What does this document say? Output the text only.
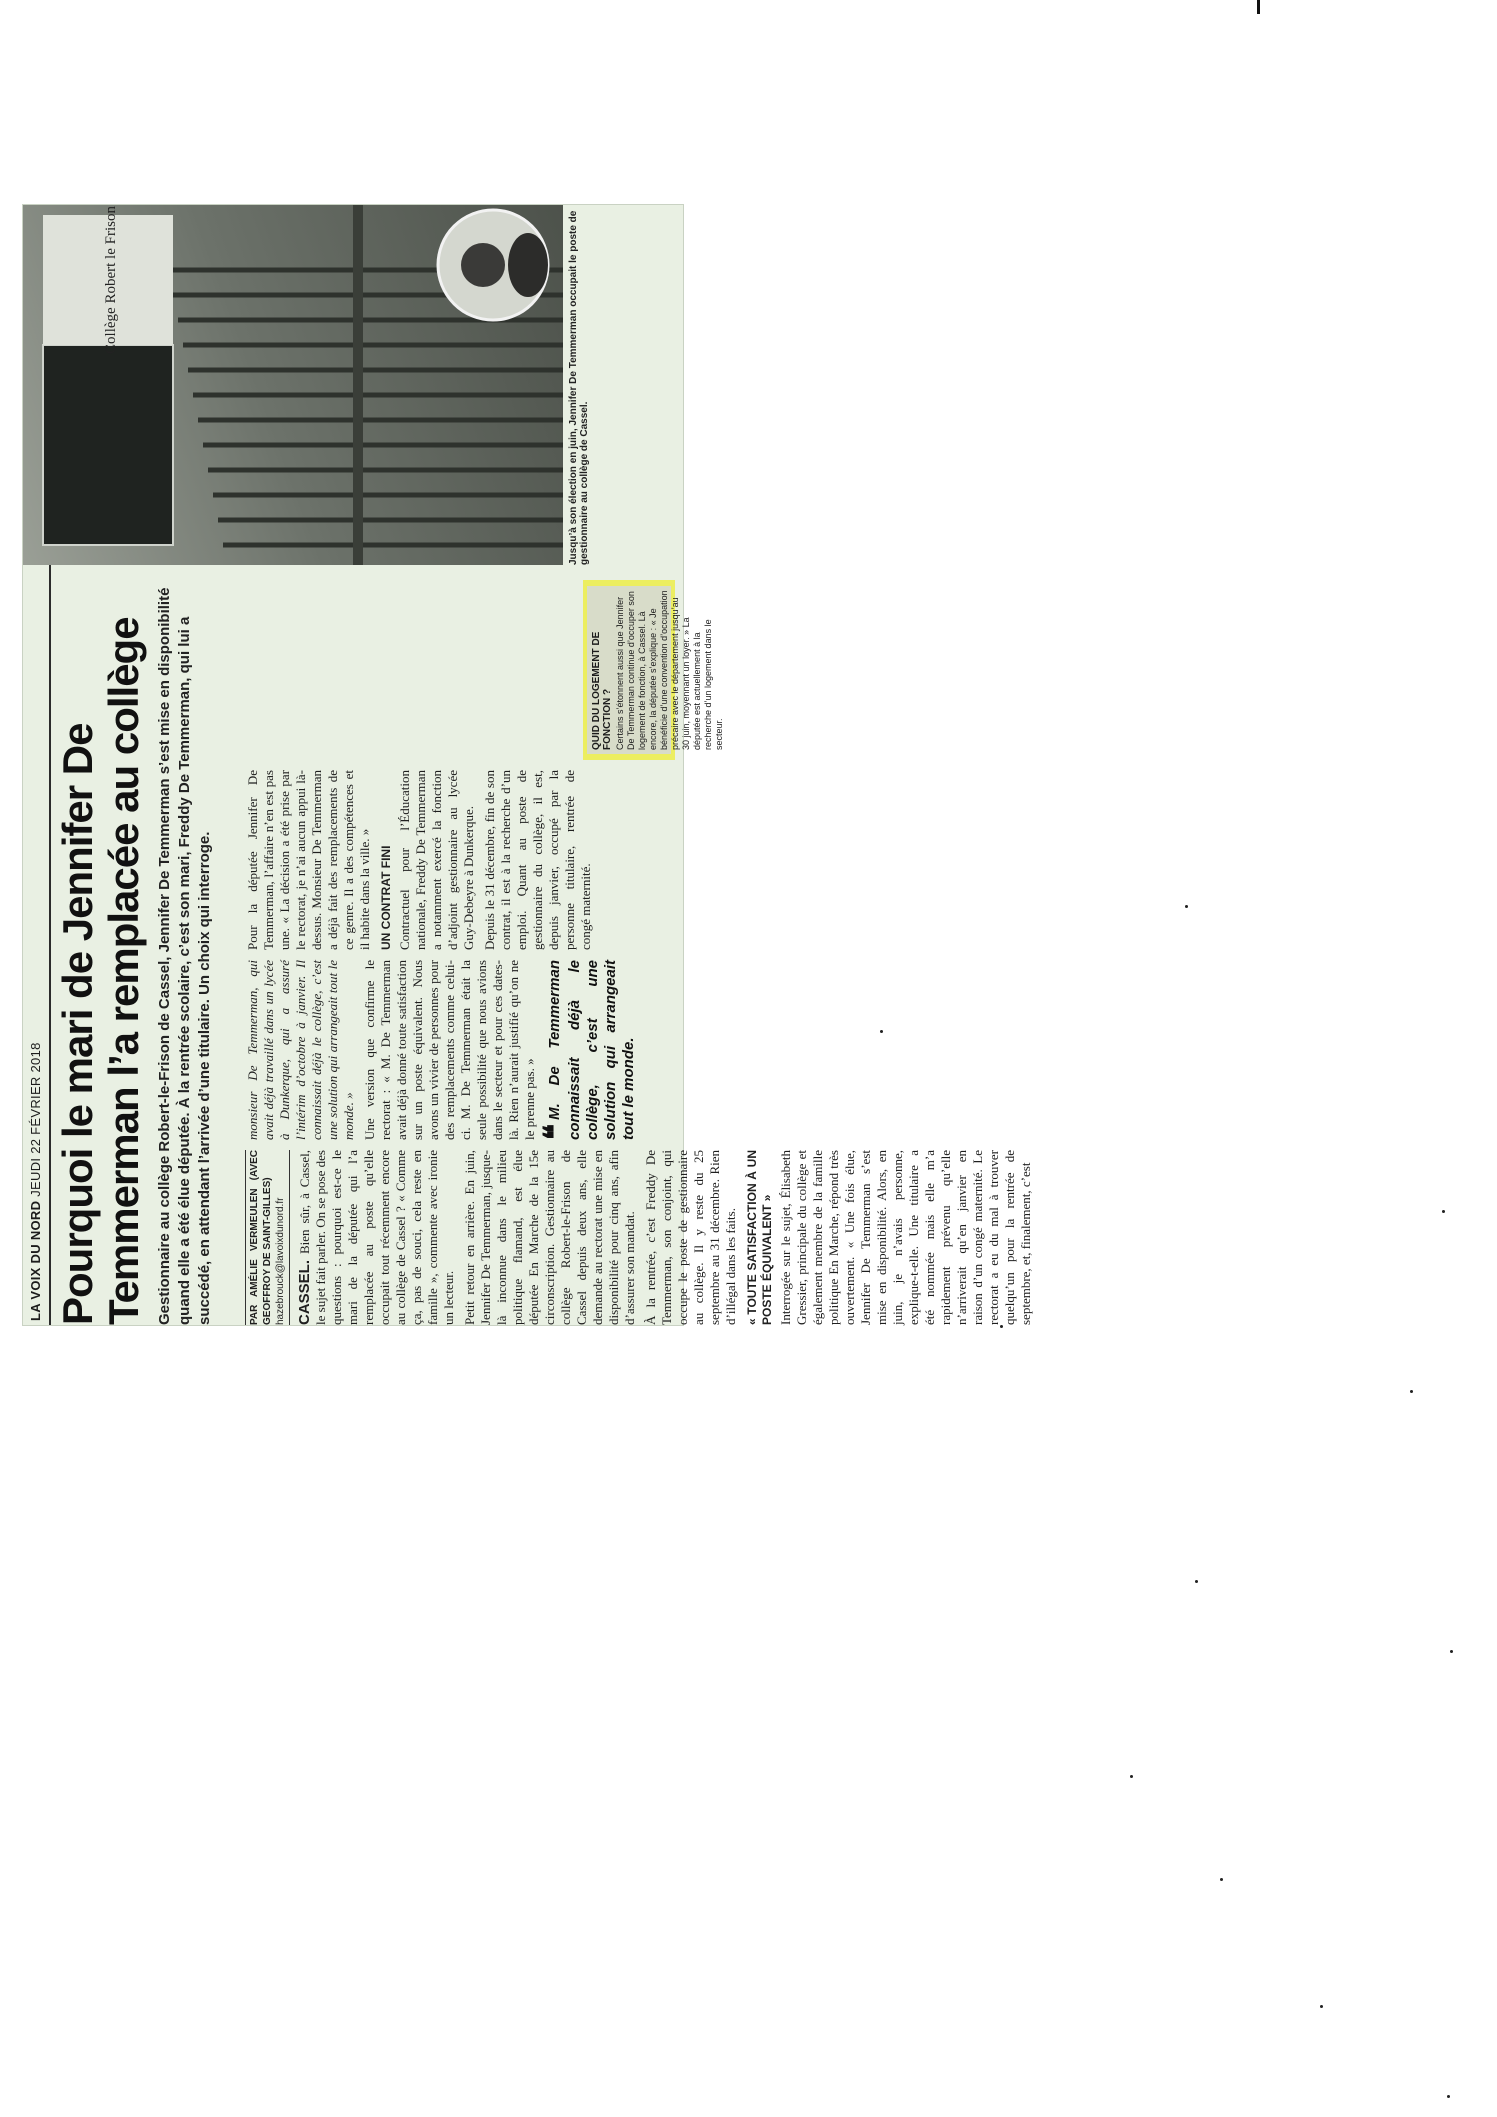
LA VOIX DU NORD JEUDI 22 FÉVRIER 2018 Pourquoi le mari de Jennifer De Temmerman l’a remplacée au collège Gestionnaire au collège Robert-le-Frison de Cassel, Jennifer De Temmerman s’est mise en disponibilité quand elle a été élue députée. À la rentrée scolaire, c’est son mari, Freddy De Temmerman, qui lui a succédé, en attendant l’arrivée d’une titulaire. Un choix qui interroge.	PAR AMÉLIE VERMEULEN (AVEC GEOFFROY DE SAINT-GILLES) hazebrouck@lavoixdunord.fr CASSEL. Bien sûr, à Cassel, le sujet fait parler. On se pose des questions : pourquoi est-ce le mari de la députée qui l’a remplacée au poste qu’elle occupait tout récemment encore au collège de Cassel ? « Comme ça, pas de souci, cela reste en famille », commente avec ironie un lecteur. Petit retour en arrière. En juin, Jennifer De Temmerman, jusque-là inconnue dans le milieu politique flamand, est élue députée En Marche de la 15e circonscription. Gestionnaire au collège Robert-le-Frison de Cassel depuis deux ans, elle demande au rectorat une mise en disponibilité pour cinq ans, afin d’assurer son mandat. À la rentrée, c’est Freddy De Temmerman, son conjoint, qui occupe le poste de gestionnaire au collège. Il y reste du 25 septembre au 31 décembre. Rien d’illégal dans les faits. « TOUTE SATISFACTION À UN POSTE ÉQUIVALENT » Interrogée sur le sujet, Élisabeth Gressier, principale du collège et également membre de la famille politique En Marche, répond très ouvertement. « Une fois élue, Jennifer De Temmerman s’est mise en disponibilité. Alors, en juin, je n’avais personne, explique-t-elle. Une titulaire a été nommée mais elle m’a rapidement prévenu qu’elle n’arriverait qu’en janvier en raison d’un congé maternité. Le rectorat a eu du mal à trouver quelqu’un pour la rentrée de septembre, et, finalement, c’est

monsieur De Temmerman, qui avait déjà travaillé dans un lycée à Dunkerque, qui a assuré l’intérim d’octobre à janvier. Il connaissait déjà le collège, c’est une solution qui arrangeait tout le monde. » Une version que confirme le rectorat : « M. De Temmerman avait déjà donné toute satisfaction sur un poste équivalent. Nous avons un vivier de personnes pour des remplacements comme celui-ci. M. De Temmerman était la seule possibilité que nous avions dans le secteur et pour ces dates-là. Rien n’aurait justifié qu’on ne le prenne pas. » ❝M. De Temmerman connaissait déjà le collège, c’est une solution qui arrangeait tout le monde.

Pour la députée Jennifer De Temmerman, l’affaire n’en est pas une. « La décision a été prise par le rectorat, je n’ai aucun appui là-dessus. Monsieur De Temmerman a déjà fait des remplacements de ce genre. Il a des compétences et il habite dans la ville. » UN CONTRAT FINI Contractuel pour l’Éducation nationale, Freddy De Temmerman a notamment exercé la fonction d’adjoint gestionnaire au lycée Guy-Debeyre à Dunkerque. Depuis le 31 décembre, fin de son contrat, il est à la recherche d’un emploi. Quant au poste de gestionnaire du collège, il est, depuis janvier, occupé par la personne titulaire, rentrée de congé maternité.

Collège Robert le Frison	Jusqu’à son élection en juin, Jennifer De Temmerman occupait le poste de gestionnaire au collège de Cassel.
QUID DU LOGEMENT DE FONCTION ? Certains s’étonnent aussi que Jennifer De Temmerman continue d’occuper son logement de fonction, à Cassel. Là encore, la députée s’explique : « Je bénéficie d’une convention d’occupation précaire avec le département jusqu’au 30 juin, moyennant un loyer. » La députée est actuellement à la recherche d’un logement dans le secteur.
